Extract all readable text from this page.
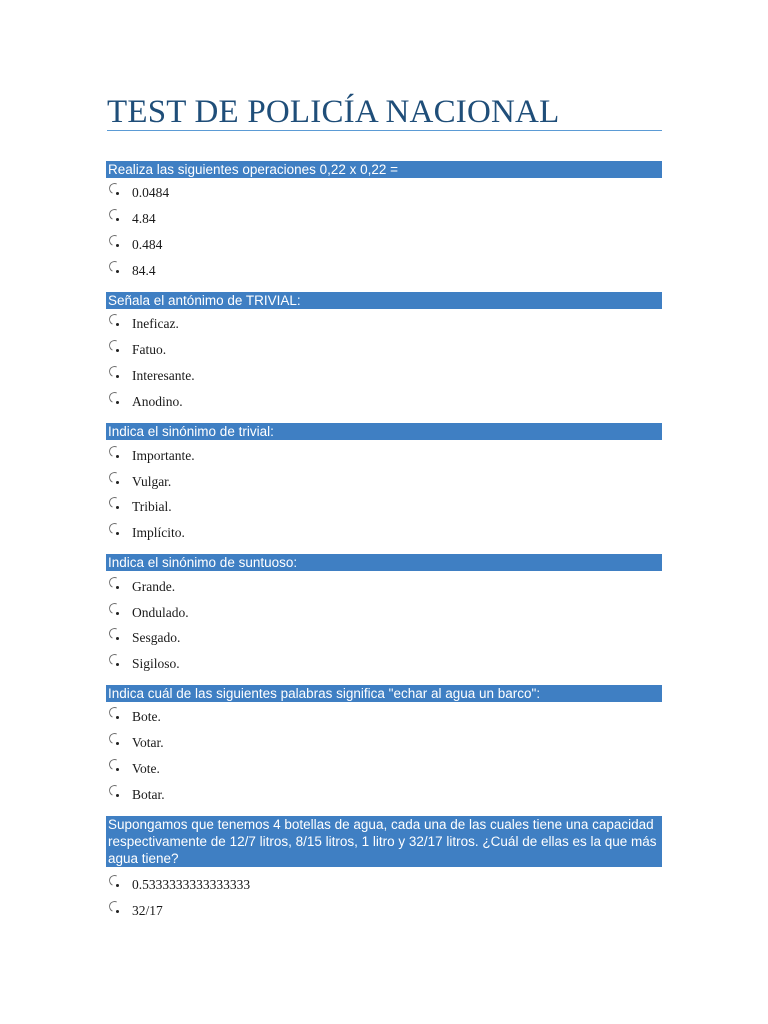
TEST DE POLICÍA NACIONAL
Realiza las siguientes operaciones 0,22 x 0,22 =
0.0484
4.84
0.484
84.4
Señala el antónimo de TRIVIAL:
Ineficaz.
Fatuo.
Interesante.
Anodino.
Indica el sinónimo de trivial:
Importante.
Vulgar.
Tribial.
Implícito.
Indica el sinónimo de suntuoso:
Grande.
Ondulado.
Sesgado.
Sigiloso.
Indica cuál de las siguientes palabras significa "echar al agua un barco":
Bote.
Votar.
Vote.
Botar.
Supongamos que tenemos 4 botellas de agua, cada una de las cuales tiene una capacidad respectivamente de 12/7 litros, 8/15 litros, 1 litro y 32/17 litros. ¿Cuál de ellas es la que más agua tiene?
0.5333333333333333
32/17
